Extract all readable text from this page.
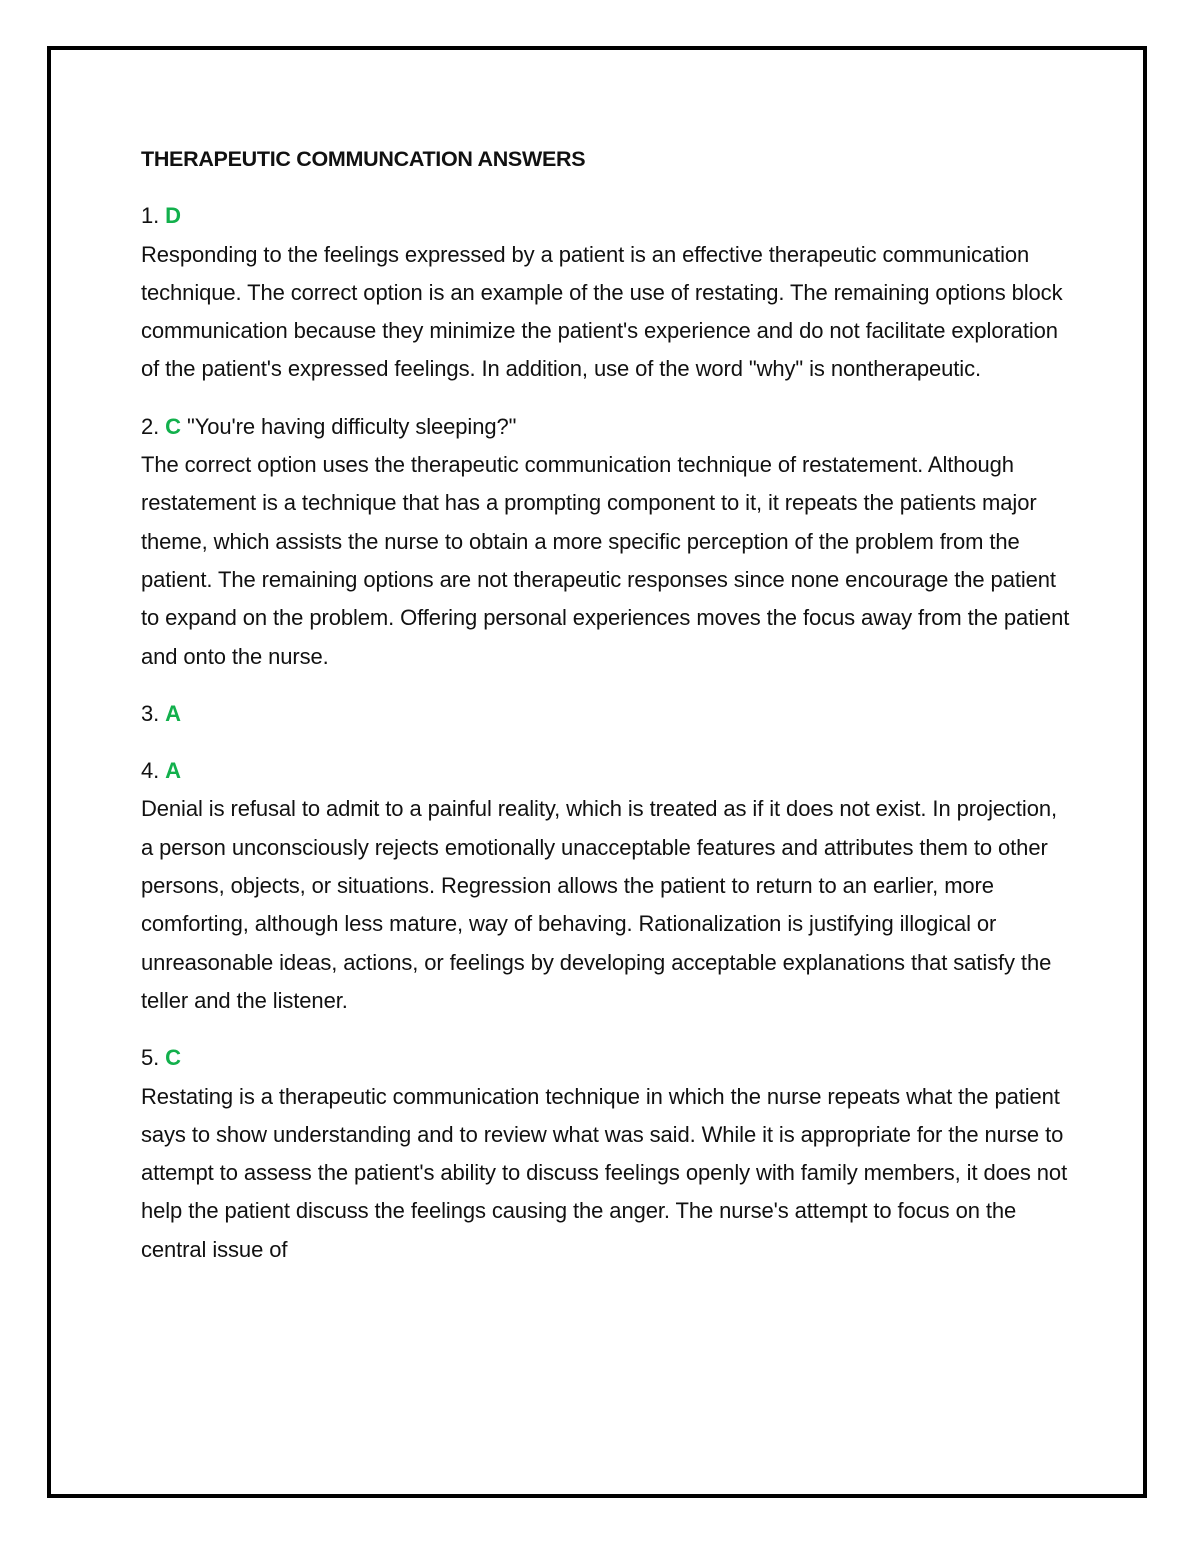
THERAPEUTIC COMMUNCATION ANSWERS
1. D
Responding to the feelings expressed by a patient is an effective therapeutic communication technique. The correct option is an example of the use of restating. The remaining options block communication because they minimize the patient's experience and do not facilitate exploration of the patient's expressed feelings. In addition, use of the word "why" is nontherapeutic.
2. C "You're having difficulty sleeping?"
The correct option uses the therapeutic communication technique of restatement. Although restatement is a technique that has a prompting component to it, it repeats the patients major theme, which assists the nurse to obtain a more specific perception of the problem from the patient. The remaining options are not therapeutic responses since none encourage the patient to expand on the problem. Offering personal experiences moves the focus away from the patient and onto the nurse.
3. A
4. A
Denial is refusal to admit to a painful reality, which is treated as if it does not exist. In projection, a person unconsciously rejects emotionally unacceptable features and attributes them to other persons, objects, or situations. Regression allows the patient to return to an earlier, more comforting, although less mature, way of behaving. Rationalization is justifying illogical or unreasonable ideas, actions, or feelings by developing acceptable explanations that satisfy the teller and the listener.
5. C
Restating is a therapeutic communication technique in which the nurse repeats what the patient says to show understanding and to review what was said. While it is appropriate for the nurse to attempt to assess the patient's ability to discuss feelings openly with family members, it does not help the patient discuss the feelings causing the anger. The nurse's attempt to focus on the central issue of
